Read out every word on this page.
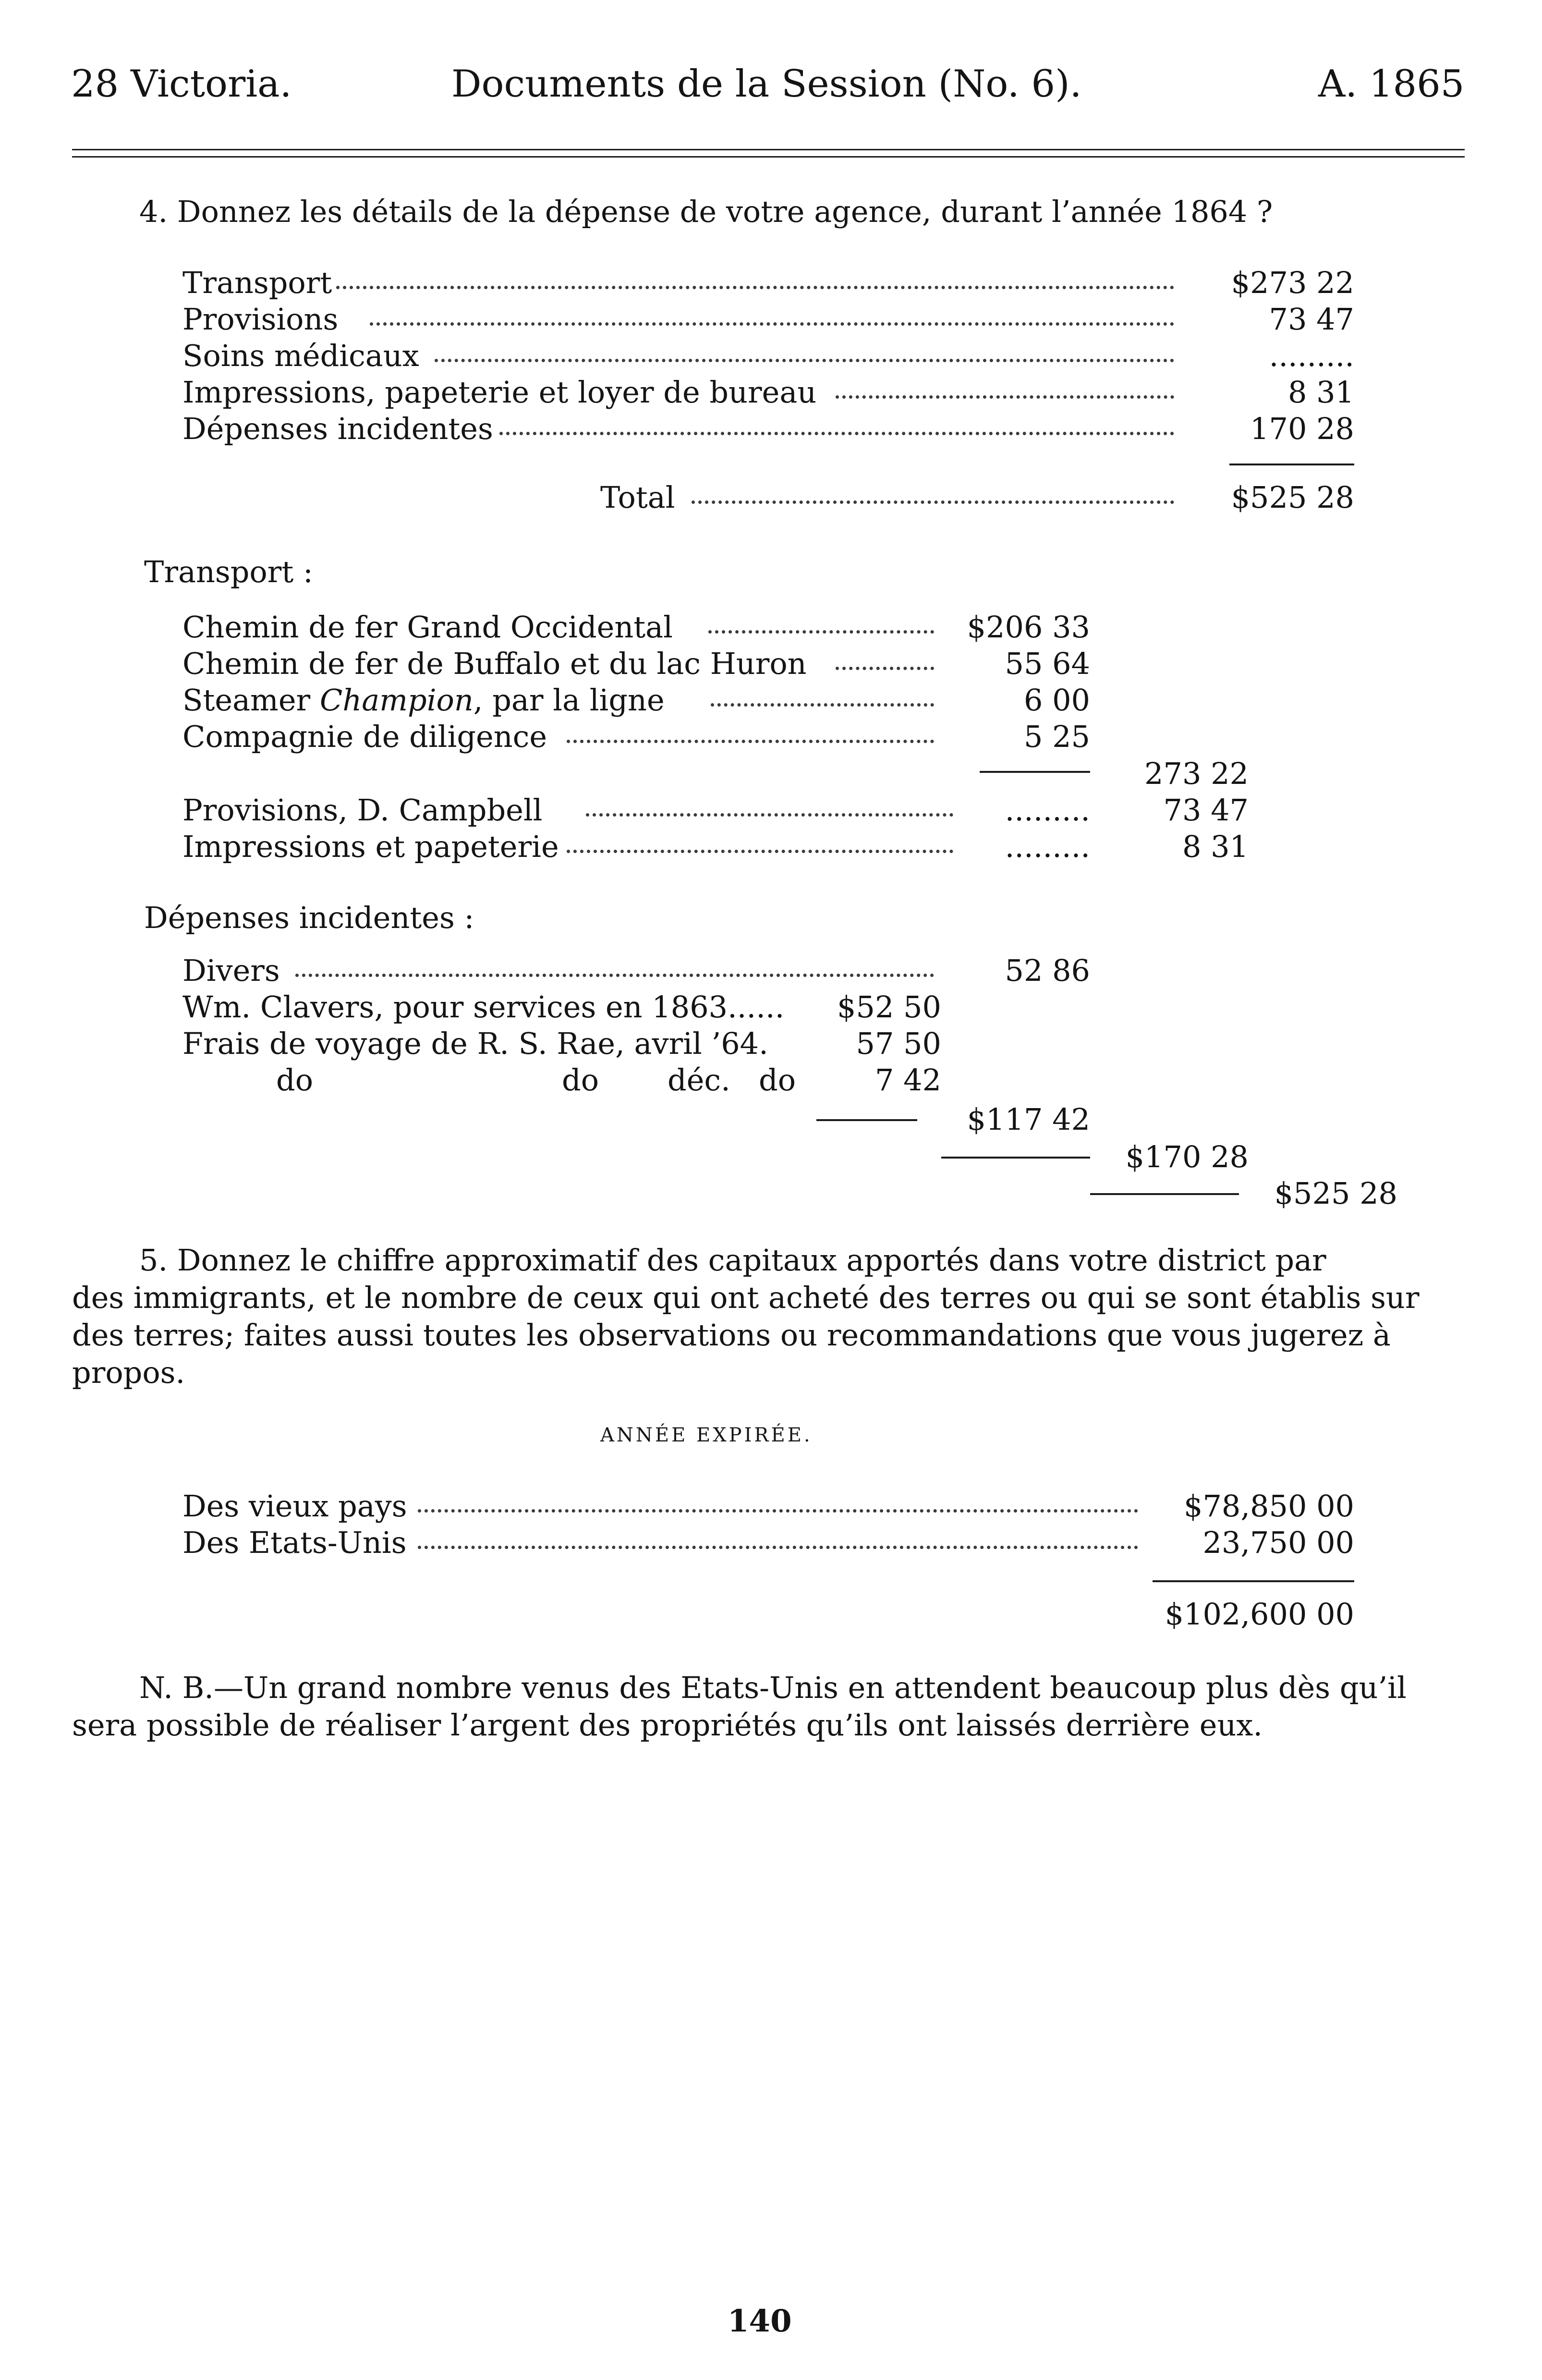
28 Victoria.	Documents de la Session (No. 6).	A. 1865
4. Donnez les détails de la dépense de votre agence, durant l’année 1864 ?
Transport	$273 22
Provisions	73 47
Soins médicaux	.........
Impressions, papeterie et loyer de bureau	8 31
Dépenses incidentes	170 28
Total	$525 28
Transport :
Chemin de fer Grand Occidental	$206 33
Chemin de fer de Buffalo et du lac Huron	55 64
Steamer Champion, par la ligne	6 00
Compagnie de diligence	5 25
273 22
Provisions, D. Campbell	.........	73 47
Impressions et papeterie	.........	8 31
Dépenses incidentes :
Divers	52 86
Wm. Clavers, pour services en 1863......	$52 50
Frais de voyage de R. S. Rae, avril ’64.	57 50
do	do déc. do	7 42
$117 42
$170 28
$525 28
5. Donnez le chiffre approximatif des capitaux apportés dans votre district par
des immigrants, et le nombre de ceux qui ont acheté des terres ou qui se sont établis sur
des terres; faites aussi toutes les observations ou recommandations que vous jugerez à
propos.
ANNÉE EXPIRÉE.
Des vieux pays	$78,850 00
Des Etats-Unis	23,750 00
$102,600 00
N. B.—Un grand nombre venus des Etats-Unis en attendent beaucoup plus dès qu’il
sera possible de réaliser l’argent des propriétés qu’ils ont laissés derrière eux.
140
